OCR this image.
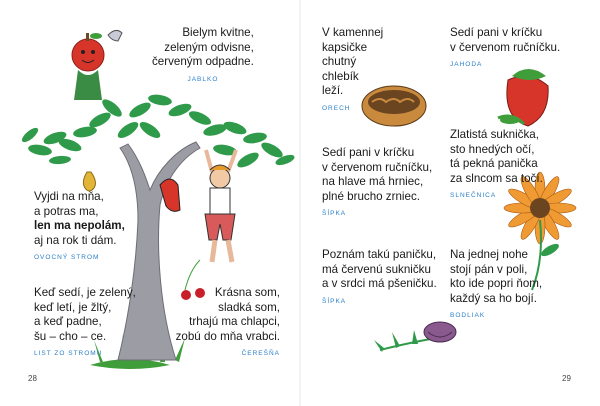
Bielym kvitne,
zeleným odvisne,
červeným odpadne.
JABLKO
Vyjdi na mňa,
a potras ma,
len ma nepolám,
aj na rok ti dám.
OVOCNÝ STROM
Keď sedí, je zelený,
keď letí, je žltý,
a keď padne,
šu – cho – ce.
LIST ZO STROMU
Krásna som,
sladká som,
trhajú ma chlapci,
zobú do mňa vrabci.
ČEREŠŇA
28
V kamennej
kapsičke
chutný
chlebík
leží.
ORECH
Sedí pani v kríčku
v červenom ručníčku.
JAHODA
Sedí pani v kríčku
v červenom ručníčku,
na hlave má hrniec,
plné brucho zrniec.
ŠÍPKA
Zlatistá suknička,
sto hnedých očí,
tá pekná panička
za slncom sa točí.
SLNEČNICA
Poznám takú paničku,
má červenú sukničku
a v srdci má pšeničku.
ŠÍPKA
Na jednej nohe
stojí pán v poli,
kto ide popri ňom,
každý sa ho bojí.
BODLIAK
29
